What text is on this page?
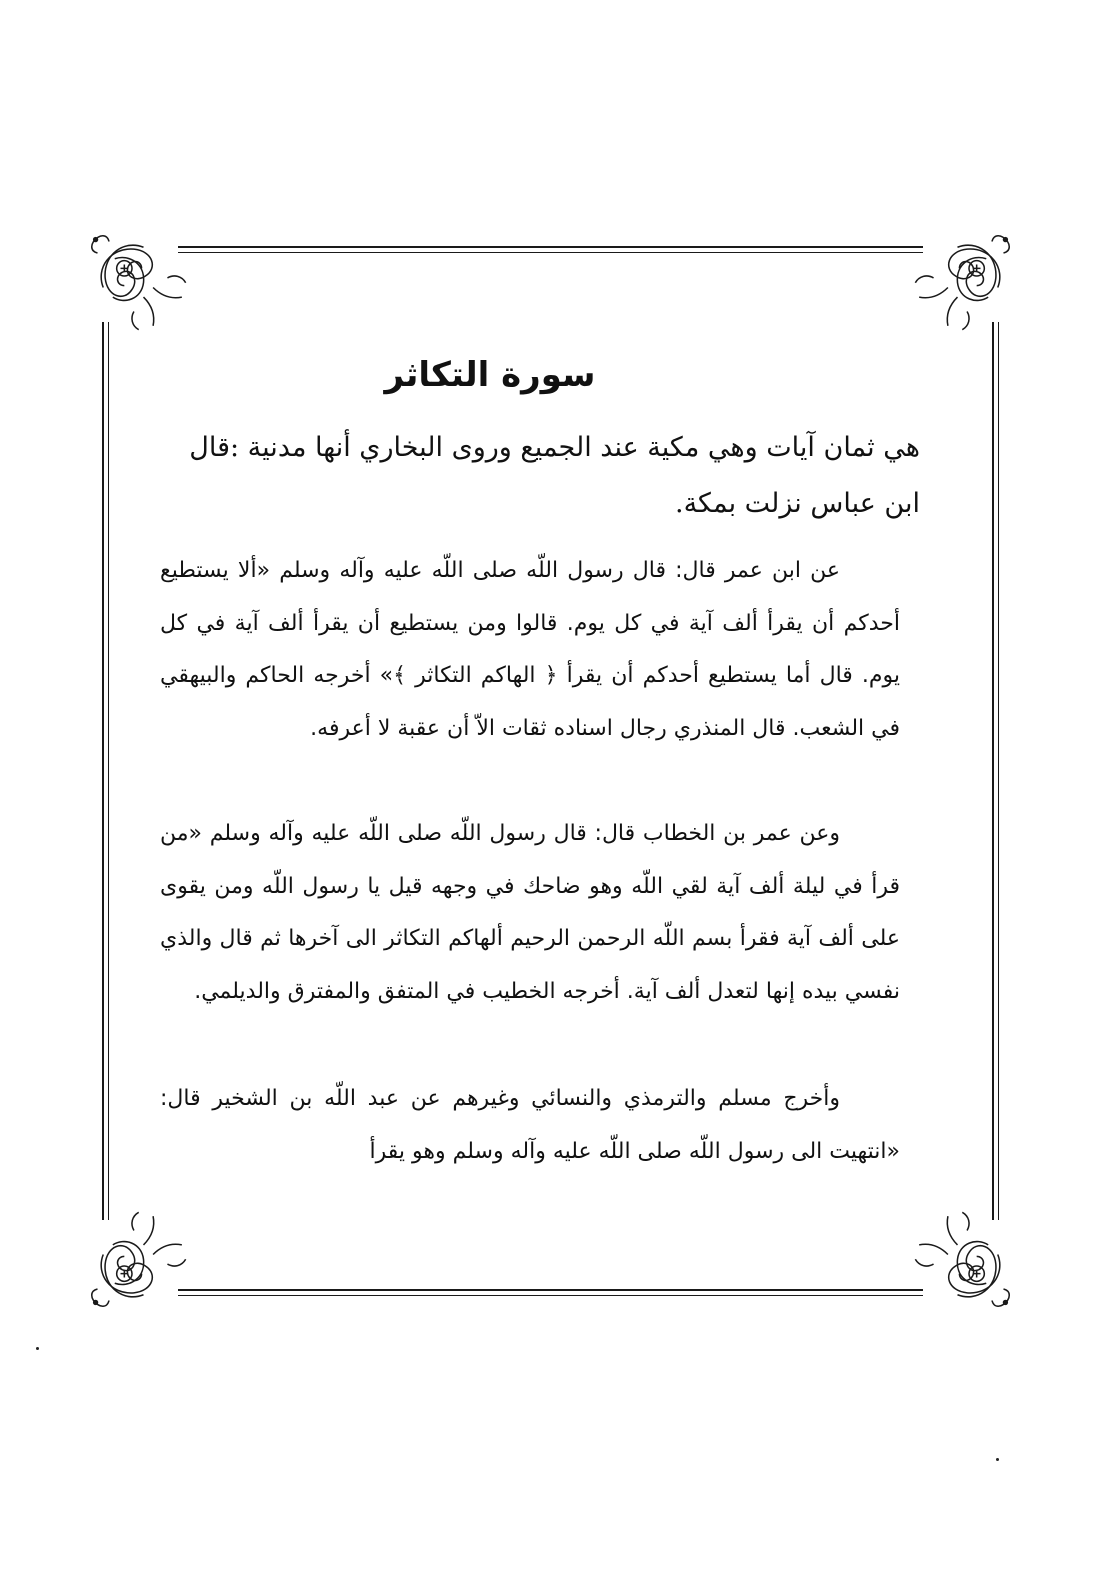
سورة التكاثر

هي ثمان آيات وهي مكية عند الجميع وروى البخاري أنها مدنية :قال ابن عباس نزلت بمكة.

عن ابن عمر قال: قال رسول اللّه صلى اللّه عليه وآله وسلم «ألا يستطيع أحدكم أن يقرأ ألف آية في كل يوم. قالوا ومن يستطيع أن يقرأ ألف آية في كل يوم. قال أما يستطيع أحدكم أن يقرأ ﴿ الهاكم التكاثر ﴾» أخرجه الحاكم والبيهقي في الشعب. قال المنذري رجال اسناده ثقات الاّ أن عقبة لا أعرفه.

وعن عمر بن الخطاب قال: قال رسول اللّه صلى اللّه عليه وآله وسلم «من قرأ في ليلة ألف آية لقي اللّه وهو ضاحك في وجهه قيل يا رسول اللّه ومن يقوى على ألف آية فقرأ بسم اللّه الرحمن الرحيم ألهاكم التكاثر الى آخرها ثم قال والذي نفسي بيده إنها لتعدل ألف آية. أخرجه الخطيب في المتفق والمفترق والديلمي.

وأخرج مسلم والترمذي والنسائي وغيرهم عن عبد اللّه بن الشخير قال: «انتهيت الى رسول اللّه صلى اللّه عليه وآله وسلم وهو يقرأ
